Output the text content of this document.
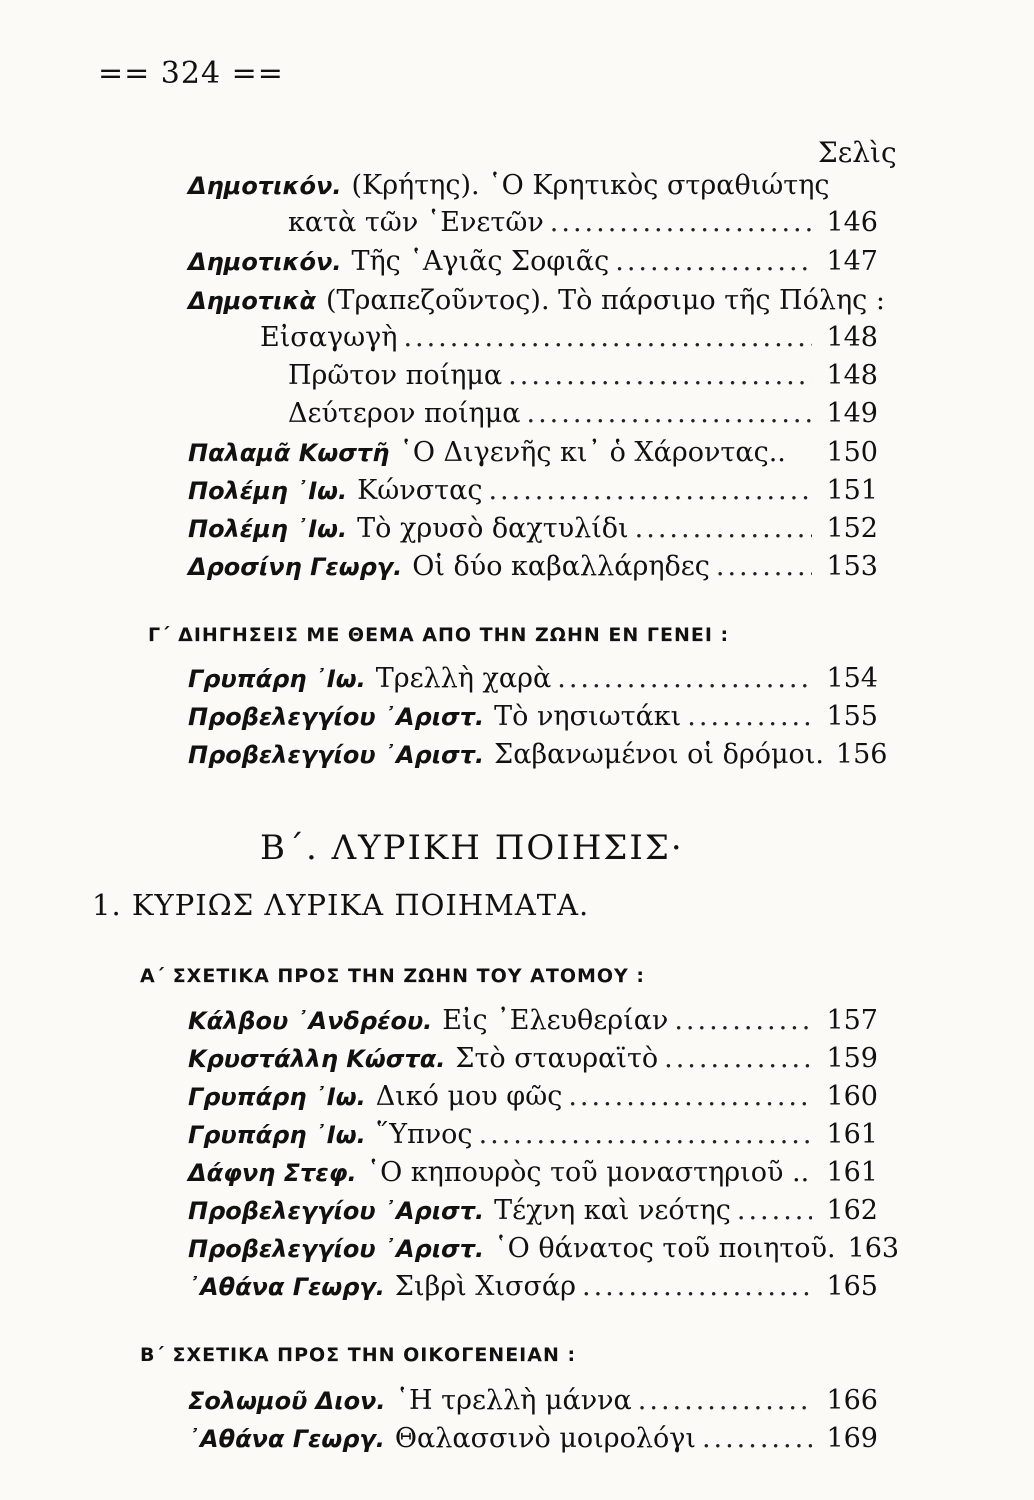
== 324 ==
Σελὶς
Δημοτικόν. (Κρήτης). ῾Ο Κρητικὸς στραθιώτης
κατὰ τῶν ῾Ενετῶν .....	146
Δημοτικόν. Τῆς ῾Αγιᾶς Σοφιᾶς .....	147
Δημοτικὰ (Τραπεζοῦντος). Τὸ πάρσιμο τῆς Πόλης :
Εἰσαγωγὴ .....	148
Πρῶτον ποίημα .....	148
Δεύτερον ποίημα .....	149
Παλαμᾶ Κωστῆ ῾Ο Διγενῆς κι᾿ ὁ Χάροντας..	150
Πολέμη ᾿Ιω. Κώνστας .....	151
Πολέμη ᾿Ιω. Τὸ χρυσὸ δαχτυλίδι .....	152
Δροσίνη Γεωργ. Οἱ δύο καβαλλάρηδες .....	153
Γ΄ ΔΙΗΓΗΣΕΙΣ ΜΕ ΘΕΜΑ ΑΠΟ ΤΗΝ ΖΩΗΝ ΕΝ ΓΕΝΕΙ :
Γρυπάρη ᾿Ιω. Τρελλὴ χαρὰ .....	154
Προβελεγγίου ᾿Αριστ. Τὸ νησιωτάκι .....	155
Προβελεγγίου ᾿Αριστ. Σαβανωμένοι οἱ δρόμοι. 156
Β΄. ΛΥΡΙΚΗ ΠΟΙΗΣΙΣ·
1. ΚΥΡΙΩΣ ΛΥΡΙΚΑ ΠΟΙΗΜΑΤΑ.
Α΄ ΣΧΕΤΙΚΑ ΠΡΟΣ ΤΗΝ ΖΩΗΝ ΤΟΥ ΑΤΟΜΟΥ :
Κάλβου ᾿Ανδρέου. Εἰς ᾿Ελευθερίαν .....	157
Κρυστάλλη Κώστα. Στὸ σταυραϊτὸ .....	159
Γρυπάρη ᾿Ιω. Δικό μου φῶς .....	160
Γρυπάρη ᾿Ιω. ῞Υπνος .....	161
Δάφνη Στεφ. ῾Ο κηπουρὸς τοῦ μοναστηριοῦ .. 161
Προβελεγγίου ᾿Αριστ. Τέχνη καὶ νεότης .....	162
Προβελεγγίου ᾿Αριστ. ῾Ο θάνατος τοῦ ποιητοῦ. 163
᾿Αθάνα Γεωργ. Σιβρὶ Χισσάρ .....	165
Β΄ ΣΧΕΤΙΚΑ ΠΡΟΣ ΤΗΝ ΟΙΚΟΓΕΝΕΙΑΝ :
Σολωμοῦ Διον. ῾Η τρελλὴ μάννα .....	166
᾿Αθάνα Γεωργ. Θαλασσινὸ μοιρολόγι .....	169
